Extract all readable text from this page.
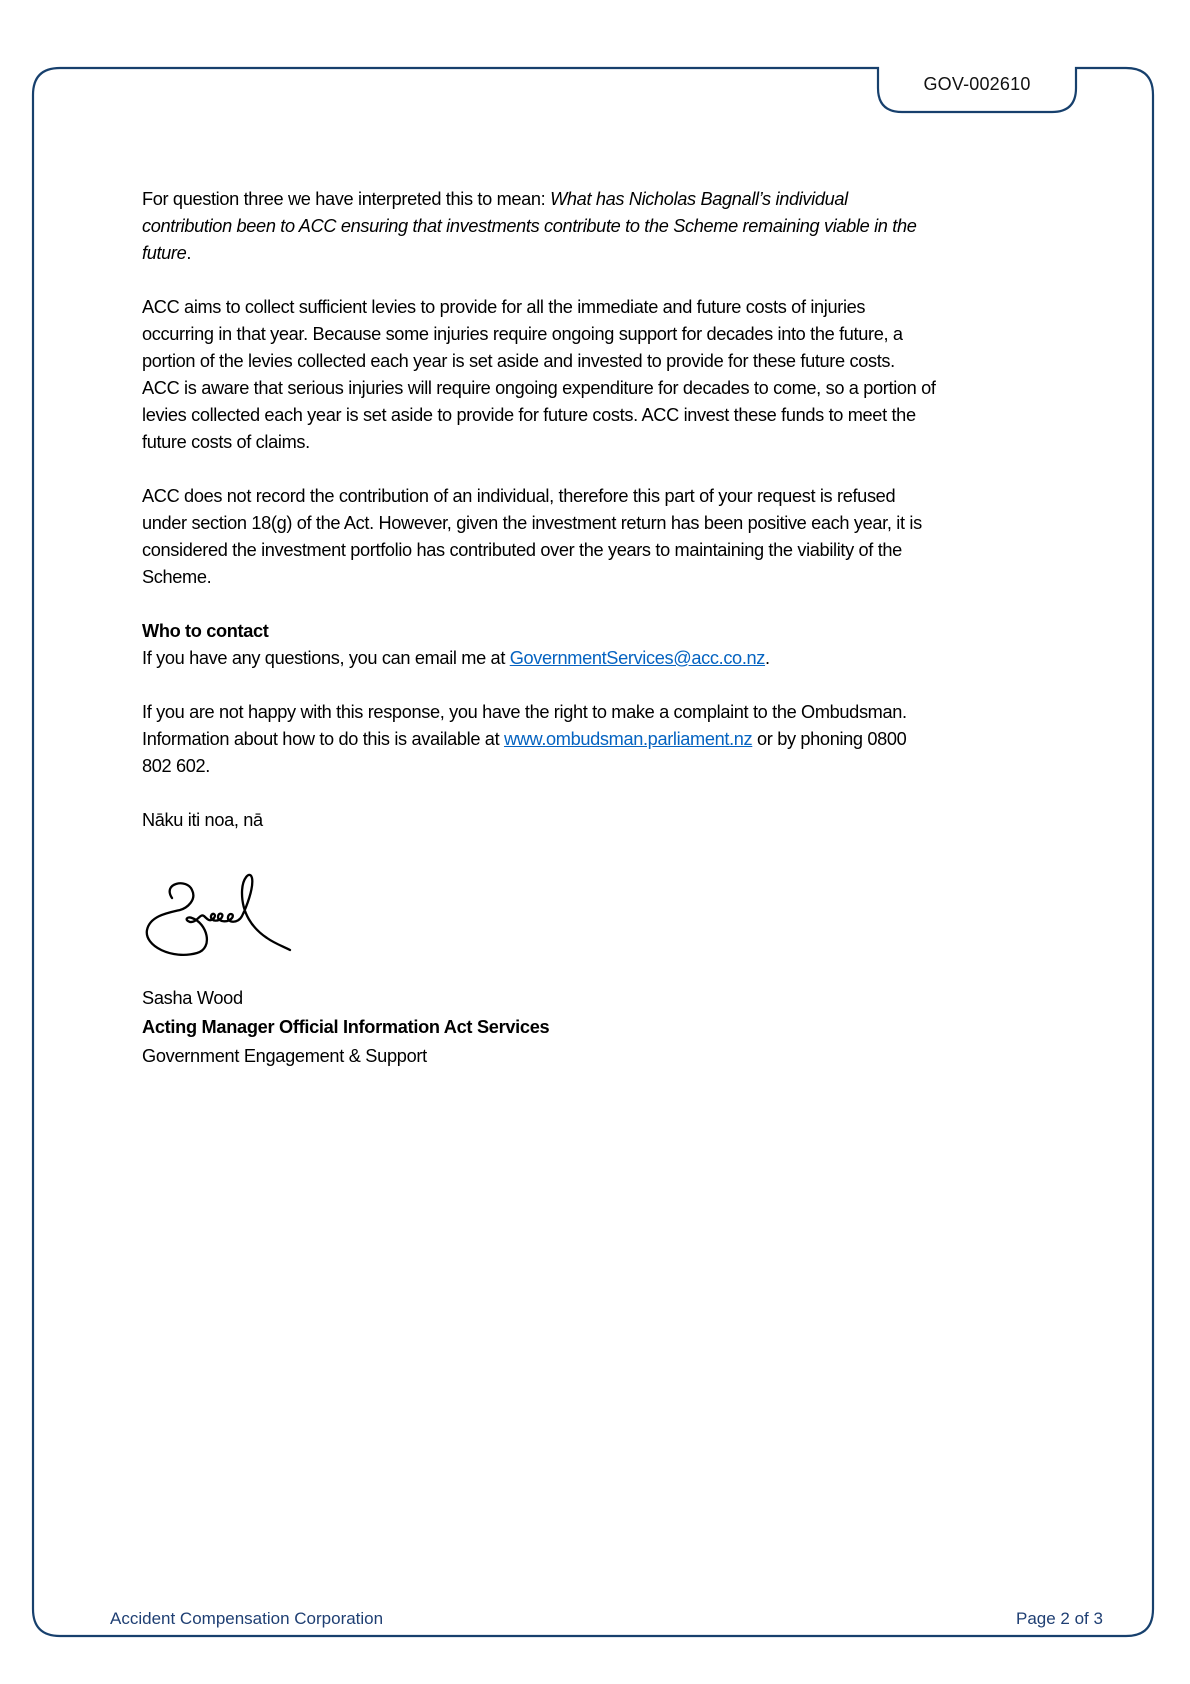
GOV-002610

For question three we have interpreted this to mean: What has Nicholas Bagnall’s individual
contribution been to ACC ensuring that investments contribute to the Scheme remaining viable in the
future.

ACC aims to collect sufficient levies to provide for all the immediate and future costs of injuries
occurring in that year. Because some injuries require ongoing support for decades into the future, a
portion of the levies collected each year is set aside and invested to provide for these future costs.
ACC is aware that serious injuries will require ongoing expenditure for decades to come, so a portion of
levies collected each year is set aside to provide for future costs. ACC invest these funds to meet the
future costs of claims.

ACC does not record the contribution of an individual, therefore this part of your request is refused
under section 18(g) of the Act. However, given the investment return has been positive each year, it is
considered the investment portfolio has contributed over the years to maintaining the viability of the
Scheme.

Who to contact
If you have any questions, you can email me at GovernmentServices@acc.co.nz.

If you are not happy with this response, you have the right to make a complaint to the Ombudsman.
Information about how to do this is available at www.ombudsman.parliament.nz or by phoning 0800
802 602.

Nāku iti noa, nā

Sasha Wood
Acting Manager Official Information Act Services
Government Engagement & Support
Accident Compensation Corporation	Page 2 of 3
